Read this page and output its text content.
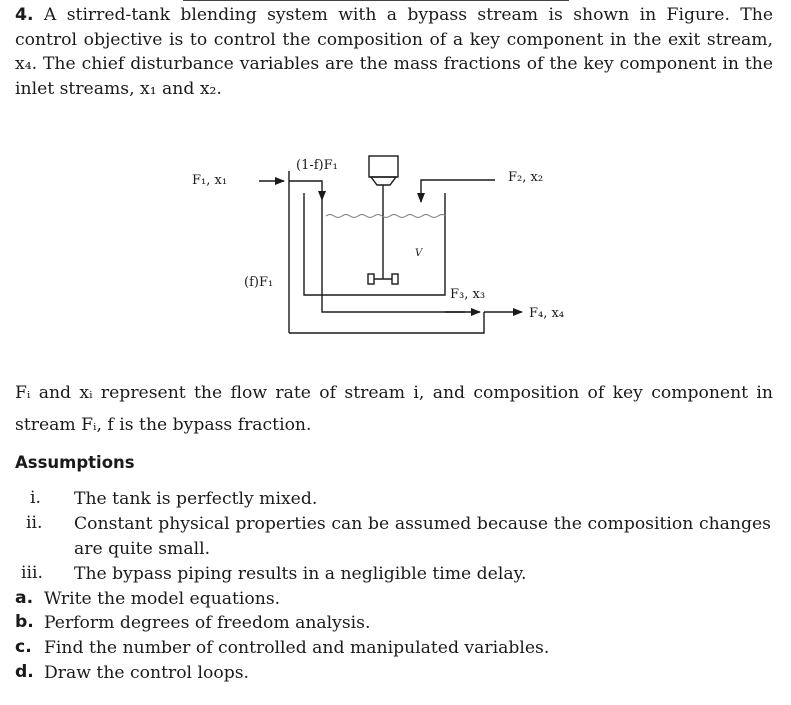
4. A stirred-tank blending system with a bypass stream is shown in Figure. The control objective is to control the composition of a key component in the exit stream, x₄. The chief disturbance variables are the mass fractions of the key component in the inlet streams, x₁ and x₂.
F₁, x₁
(1-f)F₁
F₂, x₂
V
(f)F₁
F₃, x₃
F₄, x₄
Fᵢ and xᵢ represent the flow rate of stream i, and composition of key component in stream Fᵢ, f is the bypass fraction.
Assumptions
i. The tank is perfectly mixed.
ii. Constant physical properties can be assumed because the composition changes are quite small.
iii. The bypass piping results in a negligible time delay.
a. Write the model equations.
b. Perform degrees of freedom analysis.
c. Find the number of controlled and manipulated variables.
d. Draw the control loops.
